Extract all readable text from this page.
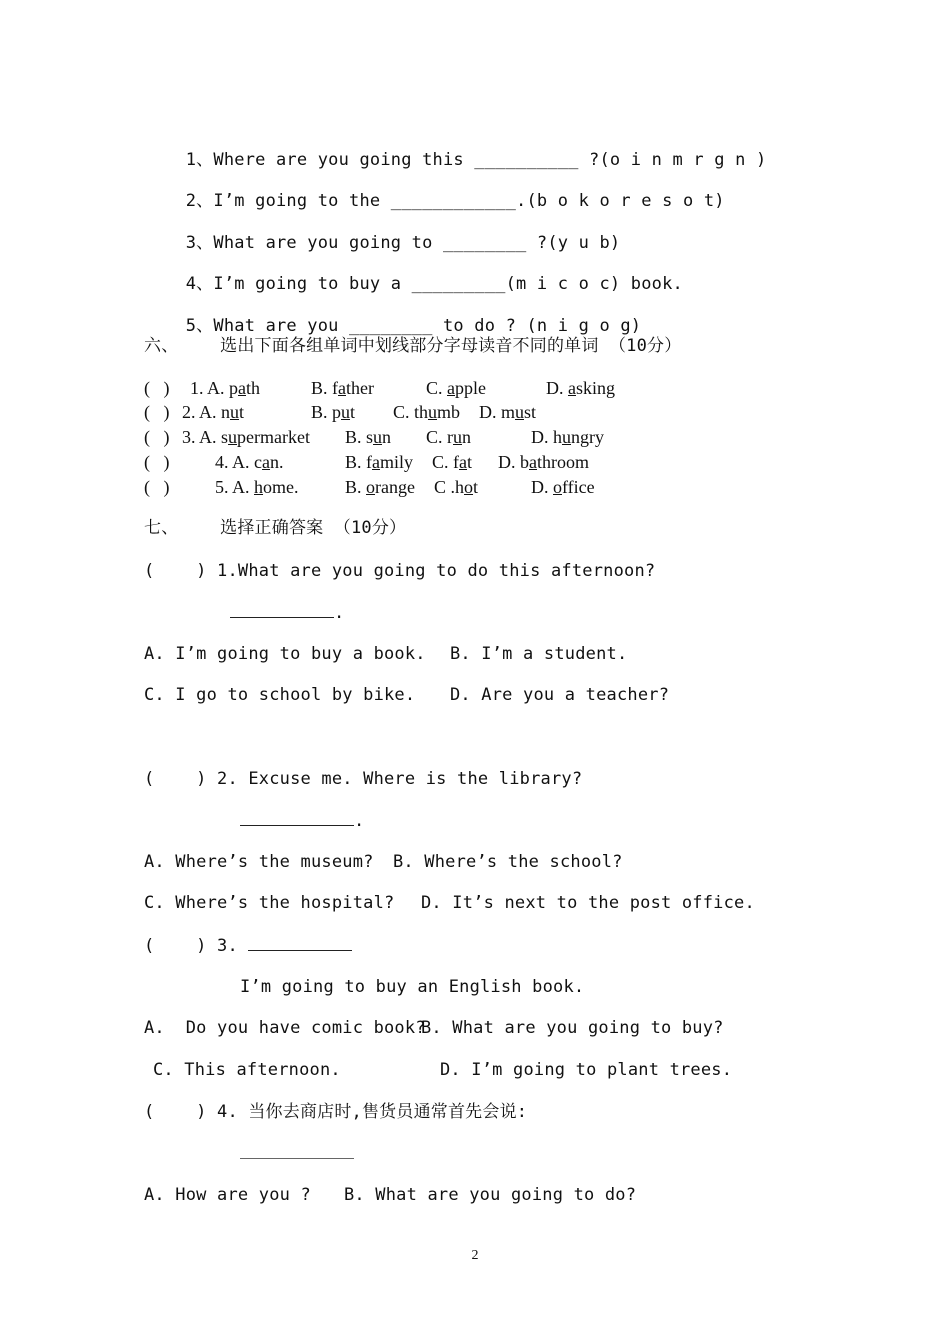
1、Where are you going this __________ ?(o i n m r g n )

2、I’m going to the ____________.(b o k o r e s o t)

3、What are you going to ________ ?(y u b)

4、I’m going to buy a _________(m i c o c) book.

5、What are you ________ to do ? (n i g o g)

六、    选出下面各组单词中划线部分字母读音不同的单词 （10分）
(   ) 1. A. path	B. father	C. apple	D. asking
(   ) 2. A. nut	B. put C. thumb D. must
(   ) 3. A. supermarket B. sun C. run	D. hungry
(   )	4. A. can.	B. family C. fat D. bathroom
(   )	5. A. home.	B. orange C .hot	D. office
七、    选择正确答案 （10分）
(    ) 1.What are you going to do this afternoon?
.
A. I’m going to buy a book. B. I’m a student.
C. I go to school by bike. D. Are you a teacher?
(    ) 2. Excuse me. Where is the library?
.
A. Where’s the museum? B. Where’s the school?
C. Where’s the hospital? D. It’s next to the post office.
(    ) 3.
I’m going to buy an English book.
A.  Do you have comic book?
B. What are you going to buy?
C. This afternoon.	D. I’m going to plant trees.
(    ) 4. 当你去商店时,售货员通常首先会说:
A. How are you ? B. What are you going to do?
2
